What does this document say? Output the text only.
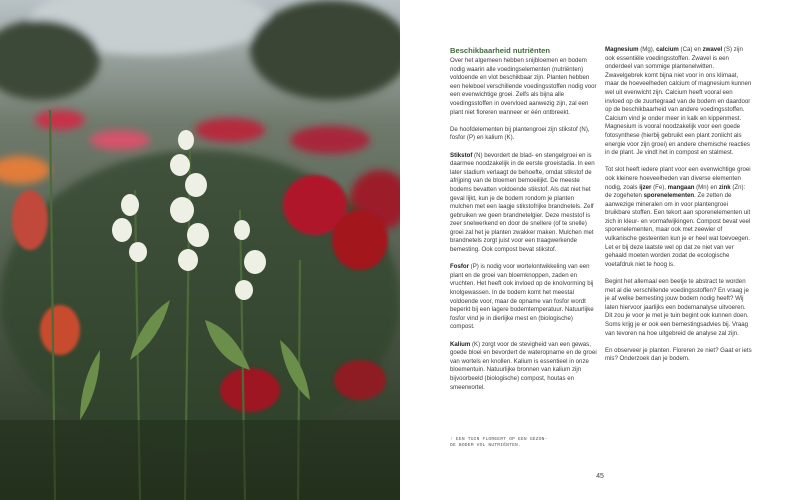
Beschikbaarheid nutriënten

Over het algemeen hebben snijbloemen en bodem nodig waarin alle voedingselementen (nutriënten) voldoende en vlot beschikbaar zijn. Planten hebben een heleboel verschillende voedingsstoffen nodig voor een evenwichtige groei. Zelfs als bijna alle voedingsstoffen in overvloed aanwezig zijn, zal een plant niet floreren wanneer er één ontbreekt.

De hoofdelementen bij plantengroei zijn stikstof (N), fosfor (P) en kalium (K).

Stikstof (N) bevordert de blad- en stengelgroei en is daarmee noodzakelijk in de eerste groeistadia. In een later stadium verlaagt de behoefte, omdat stikstof de afrijping van de bloemen bemoeilijkt. De meeste bodems bevatten voldoende stikstof. Als dat niet het geval lijkt, kun je de bodem rondom je planten mulchen met een laagje stikstofrijke brandnetels. Zelf gebruiken we geen brandnetelgier. Deze meststof is zeer snelwerkend en door de snellere (of te snelle) groei zal het je planten zwakker maken. Mulchen met brandnetels zorgt juist voor een traagwerkende bemesting. Ook compost bevat stikstof.

Fosfor (P) is nodig voor wortelontwikkeling van een plant en de groei van bloemknoppen, zaden en vruchten. Het heeft ook invloed op de knolvorming bij knolgewassen. In de bodem komt het meestal voldoende voor, maar de opname van fosfor wordt beperkt bij een lagere bodemtemperatuur. Natuurlijke fosfor vind je in dierlijke mest en (biologische) compost.

Kalium (K) zorgt voor de stevigheid van een gewas, goede bloei en bevordert de wateropname en de groei van wortels en knollen. Kalium is essentieel in onze bloementuin. Natuurlijke bronnen van kalium zijn bijvoorbeeld (biologische) compost, houtas en smeerwortel.

Magnesium (Mg), calcium (Ca) en zwavel (S) zijn ook essentiële voedingsstoffen. Zwavel is een onderdeel van sommige plantenelwitten. Zwavelgebrek komt bijna niet voor in ons klimaat, maar de hoeveelheden calcium of magnesium kunnen wel uit evenwicht zijn. Calcium heeft vooral een invloed op de zuurtegraad van de bodem en daardoor op de beschikbaarheid van andere voedingsstoffen. Calcium vind je onder meer in kalk en kippenmest. Magnesium is vooral noodzakelijk voor een goede fotosynthese (hierbij gebruikt een plant zonlicht als energie voor zijn groei) en andere chemische reacties in de plant. Je vindt het in compost en stalmest.

Tot slot heeft iedere plant voor een evenwichtige groei ook kleinere hoeveelheden van diverse elementen nodig, zoals ijzer (Fe), mangaan (Mn) en zink (Zn): de zogeheten sporenelementen. Ze zetten de aanwezige mineralen om in voor plantengroei bruikbare stoffen. Een tekort aan sporenelementen uit zich in kleur- en vormafwijkingen. Compost bevat veel sporenelementen, maar ook met zeewier of vulkanische gesteenten kun je er heel wat toevoegen. Let er bij deze laatste wel op dat ze niet van ver gehaald moeten worden zodat de ecologische voetafdruk niet te hoog is.

Begint het allemaal een beetje te abstract te worden met al die verschillende voedingsstoffen? En vraag je je af welke bemesting jouw bodem nodig heeft? Wij laten hiervoor jaarlijks een bodemanalyse uitvoeren. Dit zou je voor je met je tuin begint ook kunnen doen. Soms krijg je er ook een bemestingsadvies bij. Vraag van tevoren na hoe uitgebreid de analyse zal zijn.

En observeer je planten. Floreren ze niet? Gaat er iets mis? Onderzoek dan je bodem.

↑ EEN TUIN FLOREERT OP EEN GEZON-
DE BODEM VOL NUTRIËNTEN.
45
